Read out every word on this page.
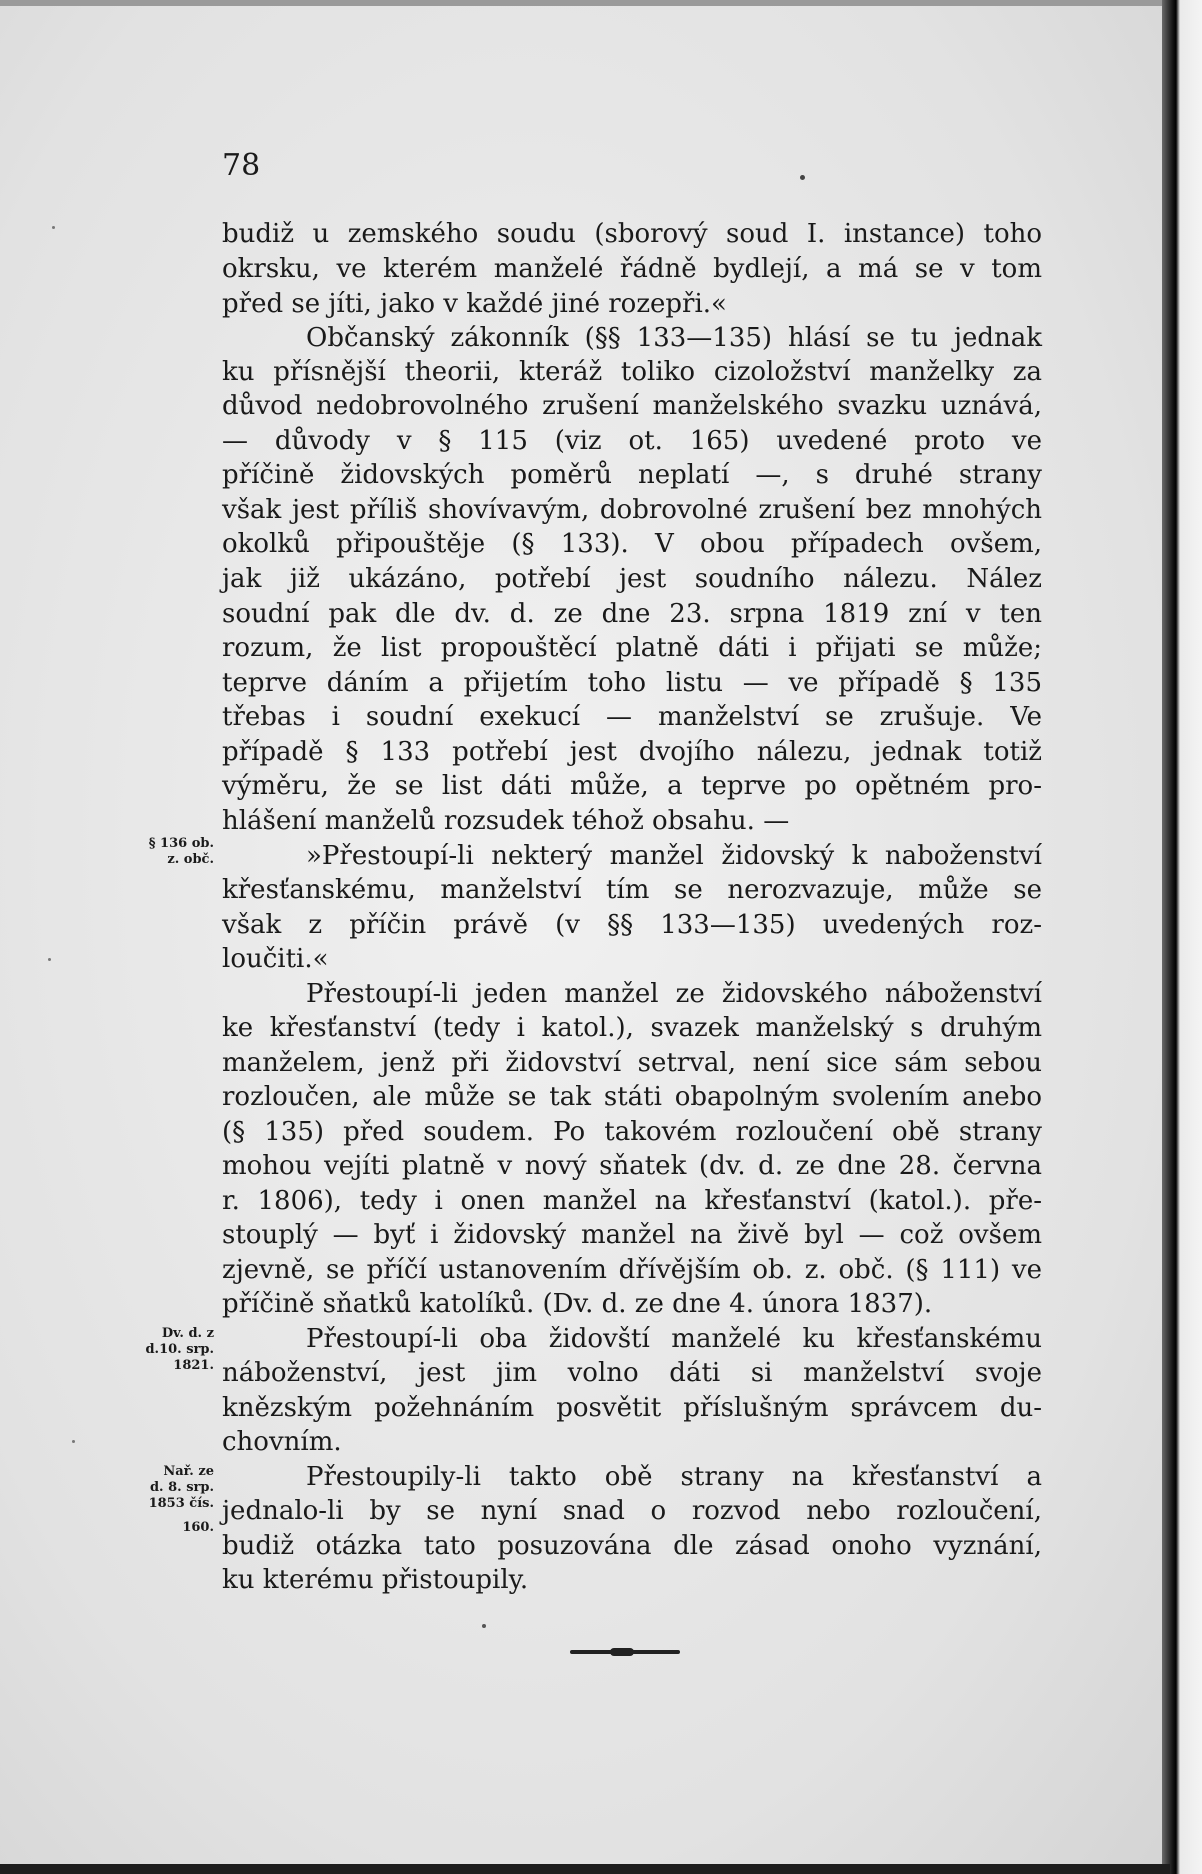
78
budiž u zemského soudu (sborový soud I. instance) toho
okrsku, ve kterém manželé řádně bydlejí, a má se v tom
před se jíti, jako v každé jiné rozepři.«
Občanský zákonník (§§ 133—135) hlásí se tu jednak
ku přísnější theorii, kteráž toliko cizoložství manželky za
důvod nedobrovolného zrušení manželského svazku uznává,
— důvody v § 115 (viz ot. 165) uvedené proto ve
příčině židovských poměrů neplatí —, s druhé strany
však jest příliš shovívavým, dobrovolné zrušení bez mnohých
okolků připouštěje (§ 133). V obou případech ovšem,
jak již ukázáno, potřebí jest soudního nálezu. Nález
soudní pak dle dv. d. ze dne 23. srpna 1819 zní v ten
rozum, že list propouštěcí platně dáti i přijati se může;
teprve dáním a přijetím toho listu — ve případě § 135
třebas i soudní exekucí — manželství se zrušuje. Ve
případě § 133 potřebí jest dvojího nálezu, jednak totiž
výměru, že se list dáti může, a teprve po opětném pro-
hlášení manželů rozsudek téhož obsahu. —
»Přestoupí-li nekterý manžel židovský k naboženství
křesťanskému, manželství tím se nerozvazuje, může se
však z příčin právě (v §§ 133—135) uvedených roz-
loučiti.«
Přestoupí-li jeden manžel ze židovského náboženství
ke křesťanství (tedy i katol.), svazek manželský s druhým
manželem, jenž při židovství setrval, není sice sám sebou
rozloučen, ale může se tak státi obapolným svolením anebo
(§ 135) před soudem. Po takovém rozloučení obě strany
mohou vejíti platně v nový sňatek (dv. d. ze dne 28. června
r. 1806), tedy i onen manžel na křesťanství (katol.). pře-
stouplý — byť i židovský manžel na živě byl — což ovšem
zjevně, se příčí ustanovením dřívějším ob. z. obč. (§ 111) ve
příčině sňatků katolíků. (Dv. d. ze dne 4. února 1837).
Přestoupí-li oba židovští manželé ku křesťanskému
náboženství, jest jim volno dáti si manželství svoje
knězským požehnáním posvětit příslušným správcem du-
chovním.
Přestoupily-li takto obě strany na křesťanství a
jednalo-li by se nyní snad o rozvod nebo rozloučení,
budiž otázka tato posuzována dle zásad onoho vyznání,
ku kterému přistoupily.
§ 136 ob.
z. obč.
Dv. d. z
d.10. srp.
1821.
Nař. ze
d. 8. srp.
1853 čís.
160.
